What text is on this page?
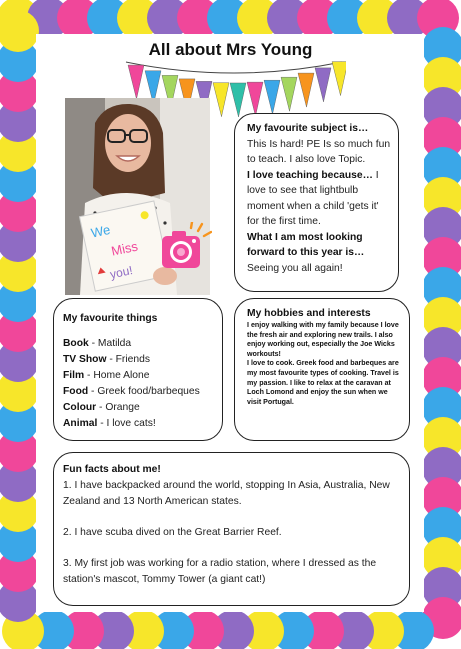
All about Mrs Young
We
Miss
you!

My favourite subject is…

This Is hard! PE Is so much fun to teach. I also love Topic.

I love teaching because… I love to see that lightbulb moment when a child 'gets it' for the first time.

What I am most looking forward to this year is…

Seeing you all again!

My favourite things

Book - Matilda

TV Show - Friends

Film - Home Alone

Food - Greek food/barbeques

Colour - Orange

Animal - I love cats!

My hobbies and interests

I enjoy walking with my family because I love the fresh air and exploring new trails. I also enjoy working out, especially the Joe Wicks workouts!

I love to cook. Greek food and barbeques are my most favourite types of cooking. Travel is my passion. I like to relax at the caravan at Loch Lomond and enjoy the sun when we visit Portugal.

Fun facts about me!

1. I have backpacked around the world, stopping In Asia, Australia, New Zealand and 13 North American states.

2. I have scuba dived on the Great Barrier Reef.

3. My first job was working for a radio station, where I dressed as the station's mascot, Tommy Tower (a giant cat!)
